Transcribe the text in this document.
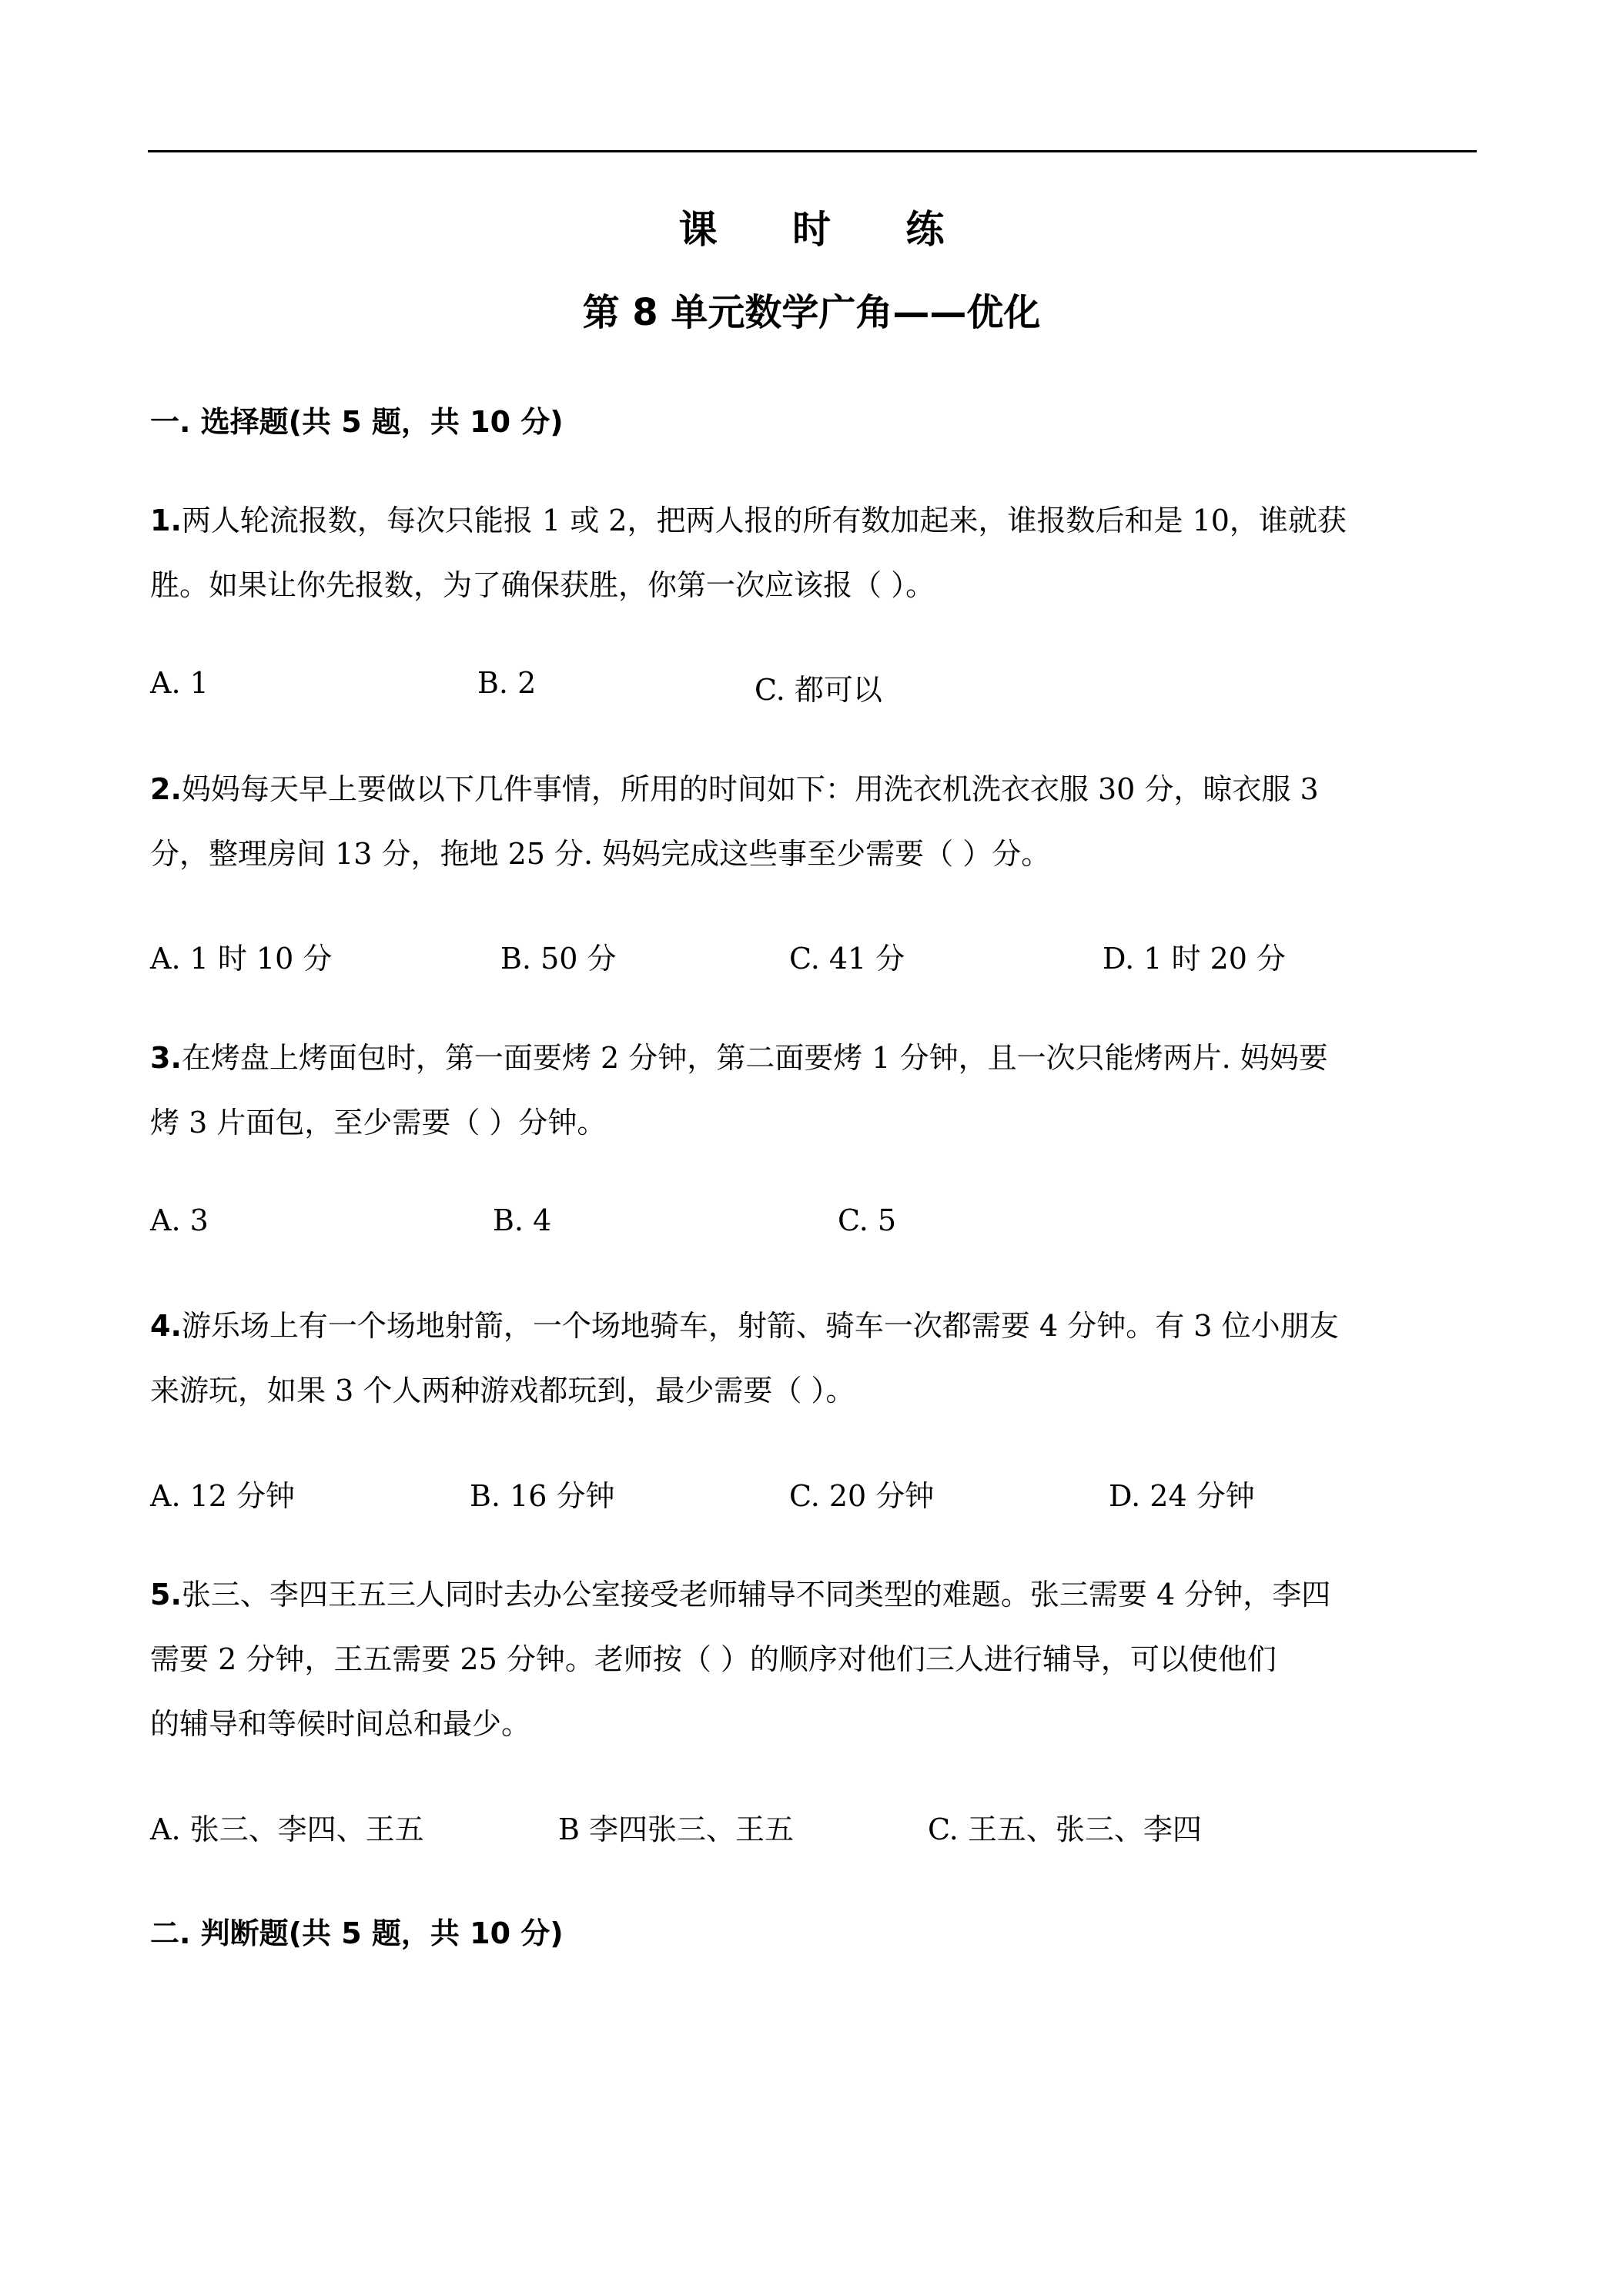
课 时 练
第 8 单元数学广角——优化
一. 选择题(共 5 题，共 10 分)
1.两人轮流报数，每次只能报 1 或 2，把两人报的所有数加起来，谁报数后和是 10，谁就获
胜。如果让你先报数，为了确保获胜，你第一次应该报（ ）。
A. 1	B. 2	C. 都可以
2.妈妈每天早上要做以下几件事情，所用的时间如下：用洗衣机洗衣衣服 30 分，晾衣服 3
分，整理房间 13 分，拖地 25 分. 妈妈完成这些事至少需要（ ）分。
A. 1 时 10 分	B. 50 分	C. 41 分	D. 1 时 20 分
3.在烤盘上烤面包时，第一面要烤 2 分钟，第二面要烤 1 分钟，且一次只能烤两片. 妈妈要
烤 3 片面包，至少需要（ ）分钟。
A. 3	B. 4	C. 5
4.游乐场上有一个场地射箭，一个场地骑车，射箭、骑车一次都需要 4 分钟。有 3 位小朋友
来游玩，如果 3 个人两种游戏都玩到，最少需要（ ）。
A. 12 分钟	B. 16 分钟	C. 20 分钟	D. 24 分钟
5.张三、李四王五三人同时去办公室接受老师辅导不同类型的难题。张三需要 4 分钟，李四
需要 2 分钟，王五需要 25 分钟。老师按（ ）的顺序对他们三人进行辅导，可以使他们
的辅导和等候时间总和最少。
A. 张三、李四、王五	B 李四张三、王五	C. 王五、张三、李四
二. 判断题(共 5 题，共 10 分)
